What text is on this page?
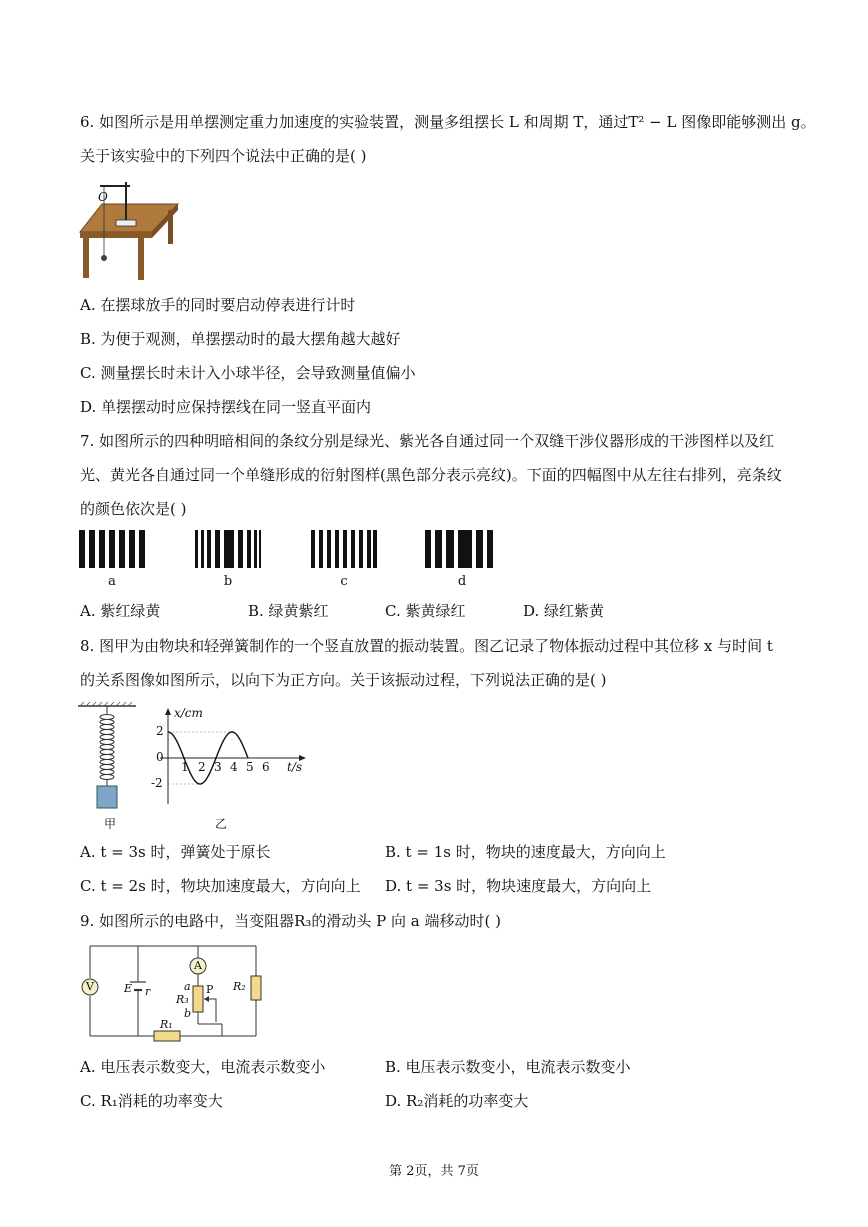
6. 如图所示是用单摆测定重力加速度的实验装置，测量多组摆长 L 和周期 T，通过T² − L 图像即能够测出 g。
关于该实验中的下列四个说法中正确的是( )
O
A. 在摆球放手的同时要启动停表进行计时
B. 为便于观测，单摆摆动时的最大摆角越大越好
C. 测量摆长时未计入小球半径，会导致测量值偏小
D. 单摆摆动时应保持摆线在同一竖直平面内
7. 如图所示的四种明暗相间的条纹分别是绿光、紫光各自通过同一个双缝干涉仪器形成的干涉图样以及红
光、黄光各自通过同一个单缝形成的衍射图样(黑色部分表示亮纹)。下面的四幅图中从左往右排列，亮条纹
的颜色依次是( )
a	b	c	d
A. 紫红绿黄	B. 绿黄紫红	C. 紫黄绿红	D. 绿红紫黄
8. 图甲为由物块和轻弹簧制作的一个竖直放置的振动装置。图乙记录了物体振动过程中其位移 x 与时间 t
的关系图像如图所示，以向下为正方向。关于该振动过程，下列说法正确的是( )
甲
x/cm
t/s
2
0
-2
1 2 3 4 5 6
乙
A. t = 3s 时，弹簧处于原长	B. t = 1s 时，物块的速度最大，方向向上
C. t = 2s 时，物块加速度最大，方向向上 D. t = 3s 时，物块速度最大，方向向上
9. 如图所示的电路中，当变阻器R₃的滑动头 P 向 a 端移动时( )
V
A
E r	a
b
P
R₃
R₂
R₁
A. 电压表示数变大，电流表示数变小	B. 电压表示数变小，电流表示数变小
C. R₁消耗的功率变大	D. R₂消耗的功率变大
第 2页，共 7页
